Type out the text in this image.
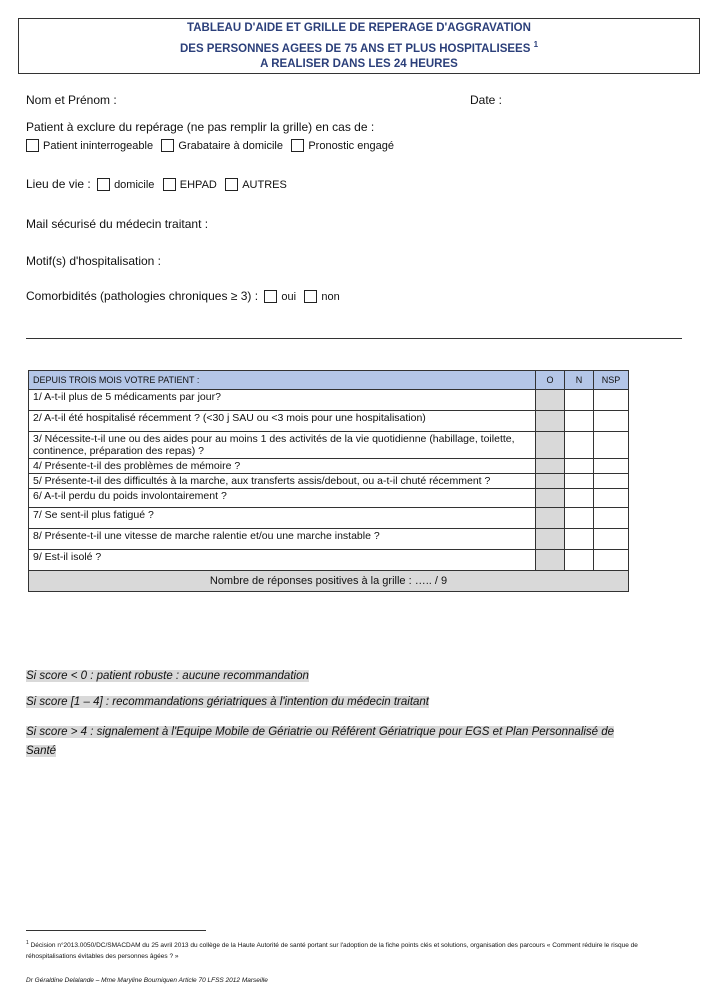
TABLEAU D'AIDE ET GRILLE DE REPERAGE D'AGGRAVATION
DES PERSONNES AGEES DE 75 ANS ET PLUS HOSPITALISEES $^1$
A REALISER DANS LES 24 HEURES
Nom et Prénom :	Date :
Patient à exclure du repérage (ne pas remplir la grille) en cas de :
Patient ininterrogeable Grabataire à domicile Pronostic engagé
Lieu de vie : domicile EHPAD AUTRES
Mail sécurisé du médecin traitant :
Motif(s) d'hospitalisation :
Comorbidités (pathologies chroniques ≥ 3) : oui non
DEPUIS TROIS MOIS VOTRE PATIENT :	O	N	NSP
1/ A-t-il plus de 5 médicaments par jour?			
2/ A-t-il été hospitalisé récemment ? (<30 j SAU ou <3 mois pour une hospitalisation)			
3/ Nécessite-t-il une ou des aides pour au moins 1 des activités de la vie quotidienne (habillage, toilette, continence, préparation des repas) ?			
4/ Présente-t-il des problèmes de mémoire ?			
5/ Présente-t-il des difficultés à la marche, aux transferts assis/debout, ou a-t-il chuté récemment ?			
6/ A-t-il perdu du poids involontairement ?			
7/ Se sent-il plus fatigué ?			
8/ Présente-t-il une vitesse de marche ralentie et/ou une marche instable ?			
9/ Est-il isolé ?			
Nombre de réponses positives à la grille : ….. / 9			
Si score < 0 : patient robuste : aucune recommandation
Si score [1 – 4] : recommandations gériatriques à l'intention du médecin traitant
Si score > 4 : signalement à l'Equipe Mobile de Gériatrie ou Référent Gériatrique pour EGS et Plan Personnalisé de Santé
$^1$ Décision n°2013.0050/DC/SMACDAM du 25 avril 2013 du collège de la Haute Autorité de santé portant sur l'adoption de la fiche points clés et solutions, organisation des parcours « Comment réduire le risque de réhospitalisations évitables des personnes âgées ? »
Dr Géraldine Delalande – Mme Maryline Bourniquen Article 70 LFSS 2012 Marseille
